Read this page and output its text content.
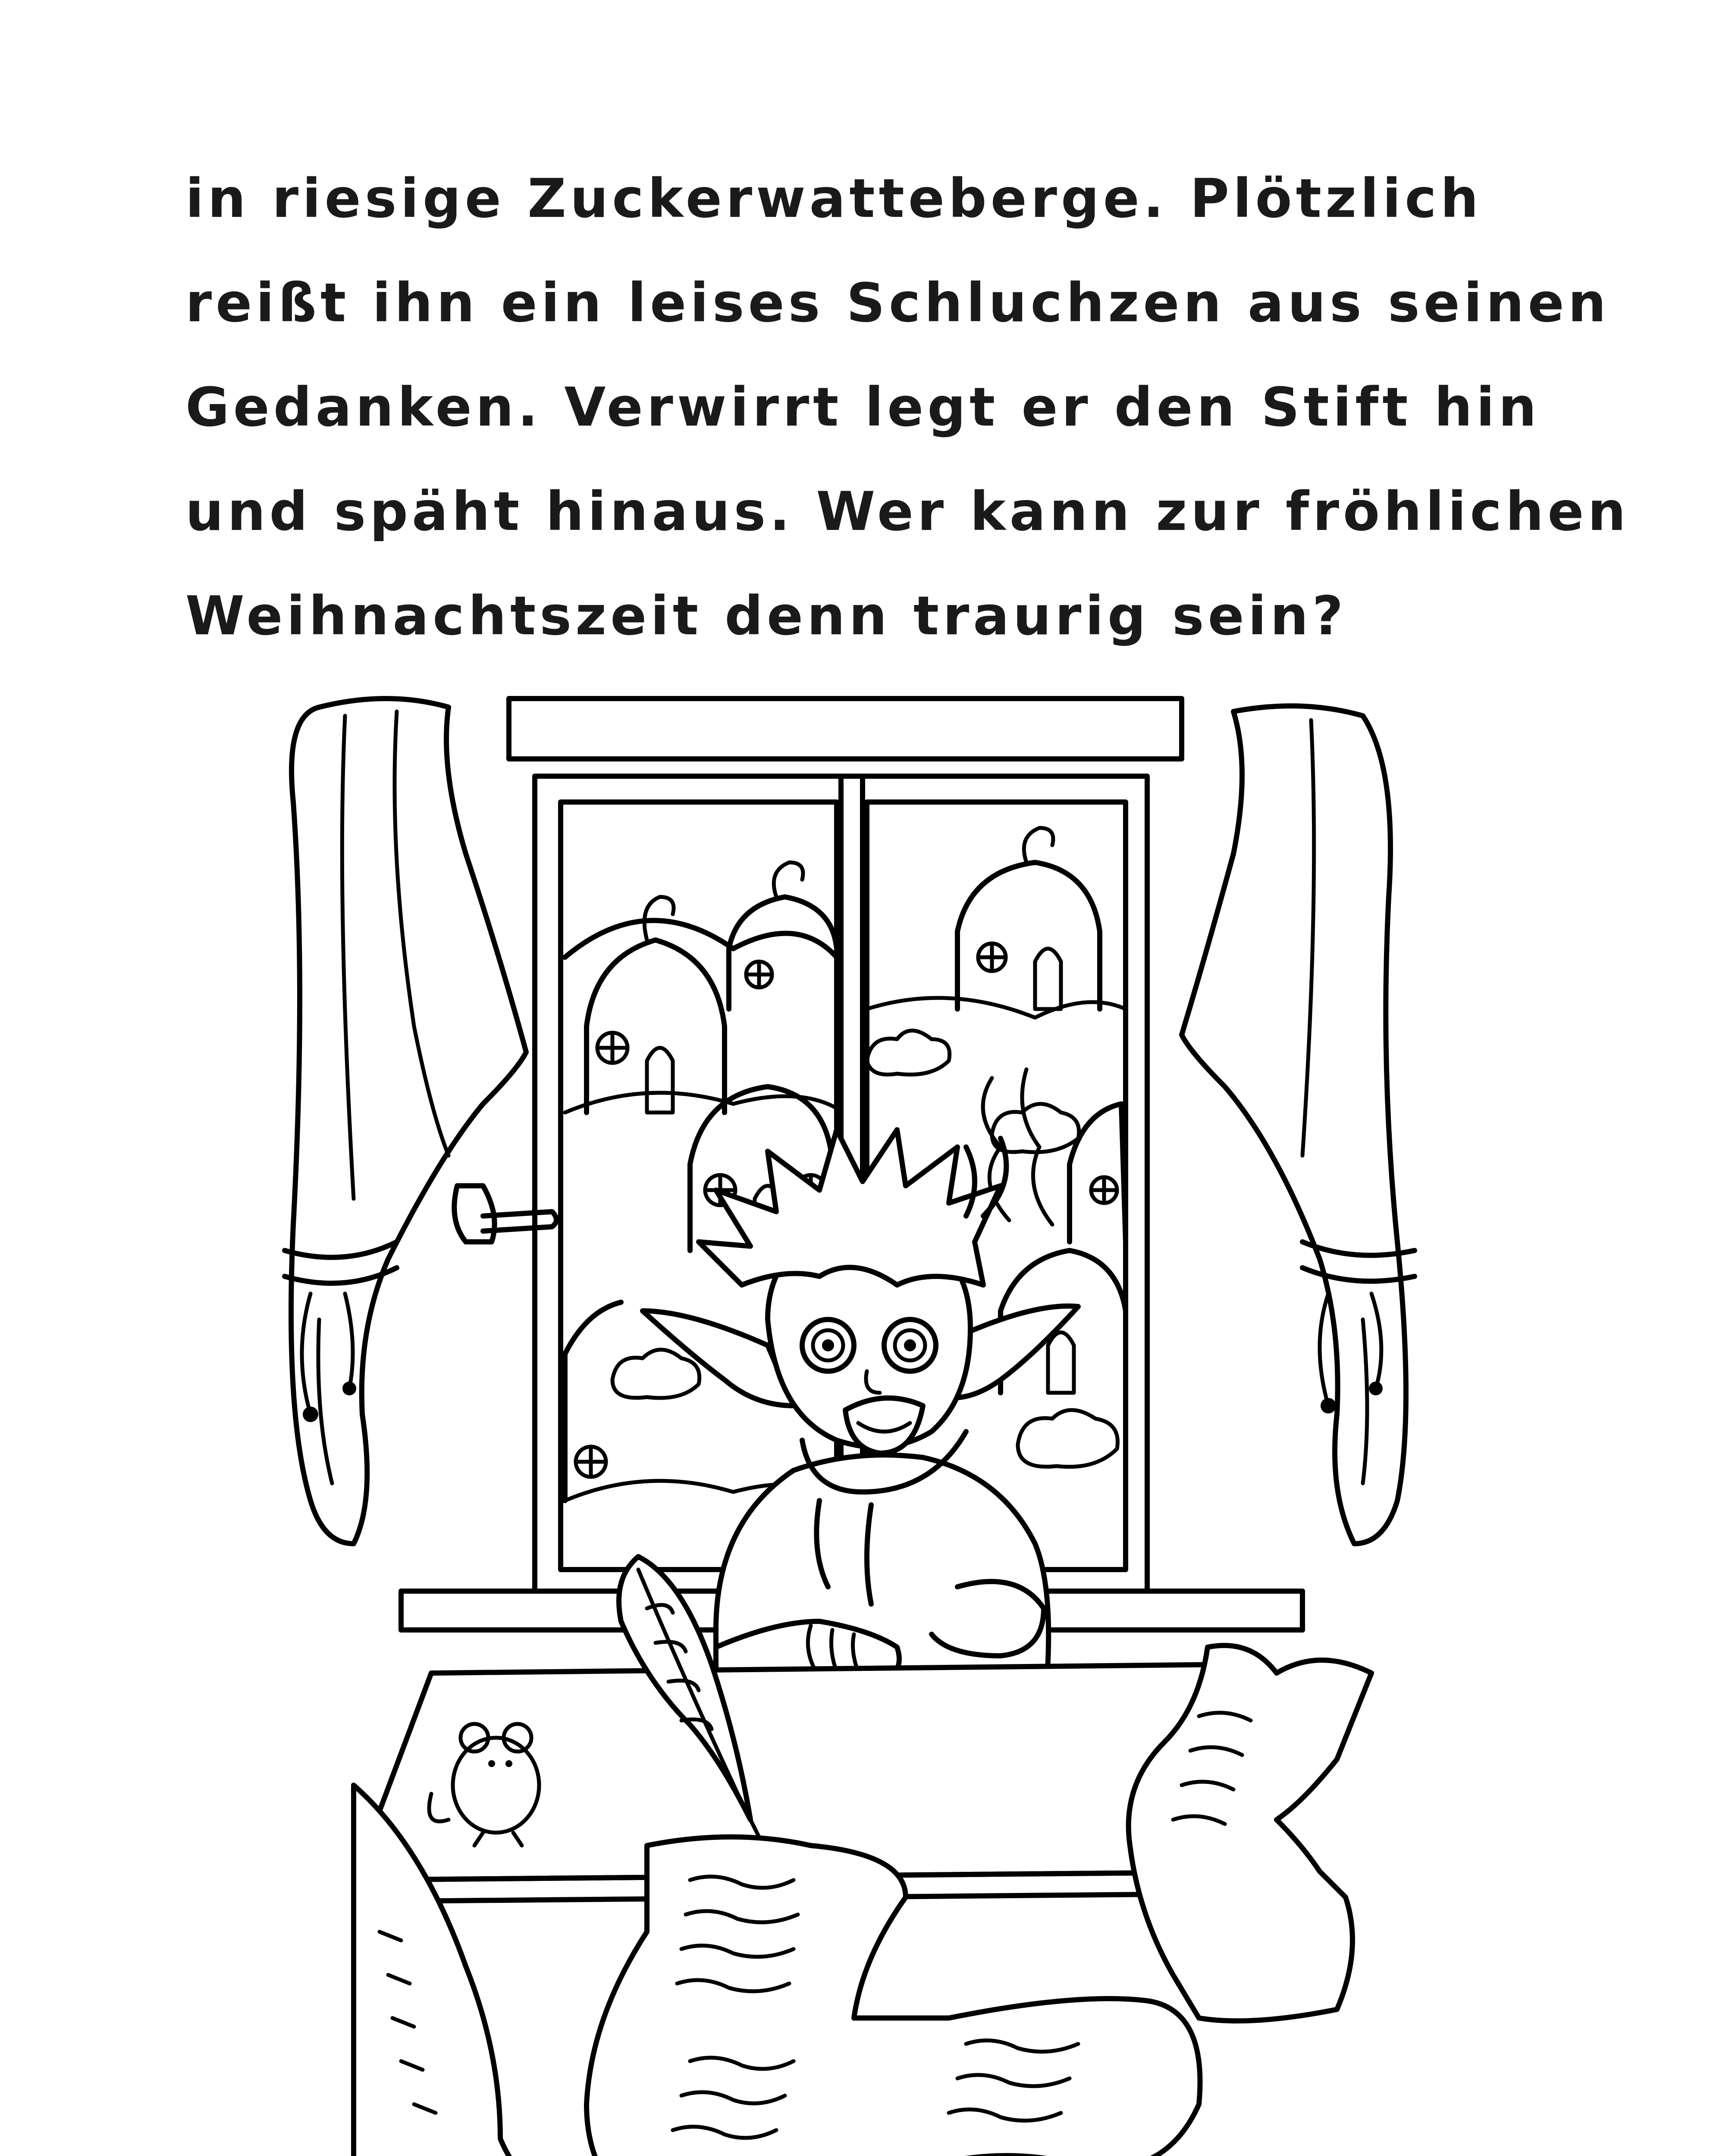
in riesige Zuckerwatteberge. Plötzlich
reißt ihn ein leises Schluchzen aus seinen
Gedanken. Verwirrt legt er den Stift hin
und späht hinaus. Wer kann zur fröhlichen
Weihnachtszeit denn traurig sein?
